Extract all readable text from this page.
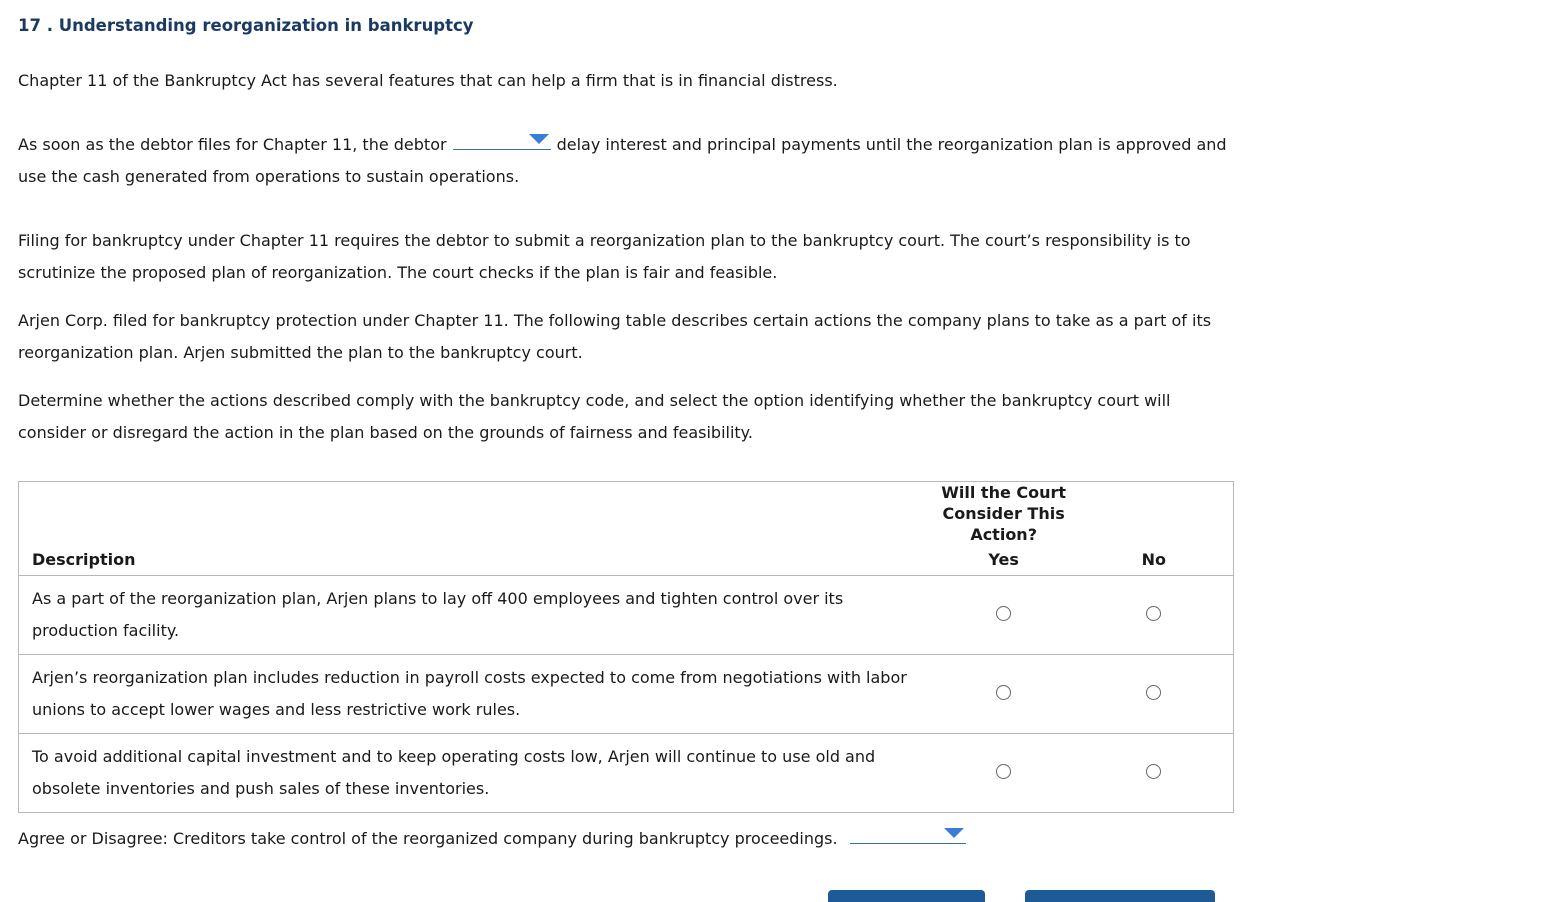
17 . Understanding reorganization in bankruptcy

Chapter 11 of the Bankruptcy Act has several features that can help a firm that is in financial distress.

As soon as the debtor files for Chapter 11, the debtor	delay interest and principal payments until the reorganization plan is approved and
use the cash generated from operations to sustain operations.

Filing for bankruptcy under Chapter 11 requires the debtor to submit a reorganization plan to the bankruptcy court. The court’s responsibility is to scrutinize the proposed plan of reorganization. The court checks if the plan is fair and feasible.

Arjen Corp. filed for bankruptcy protection under Chapter 11. The following table describes certain actions the company plans to take as a part of its reorganization plan. Arjen submitted the plan to the bankruptcy court.

Determine whether the actions described comply with the bankruptcy code, and select the option identifying whether the bankruptcy court will consider or disregard the action in the plan based on the grounds of fairness and feasibility.

Description	Will the Court Consider This Action?
Yes	No

As a part of the reorganization plan, Arjen plans to lay off 400 employees and tighten control over its production facility.		
Arjen’s reorganization plan includes reduction in payroll costs expected to come from negotiations with labor unions to accept lower wages and less restrictive work rules.		
To avoid additional capital investment and to keep operating costs low, Arjen will continue to use old and obsolete inventories and push sales of these inventories.		

Agree or Disagree: Creditors take control of the reorganized company during bankruptcy proceedings.
